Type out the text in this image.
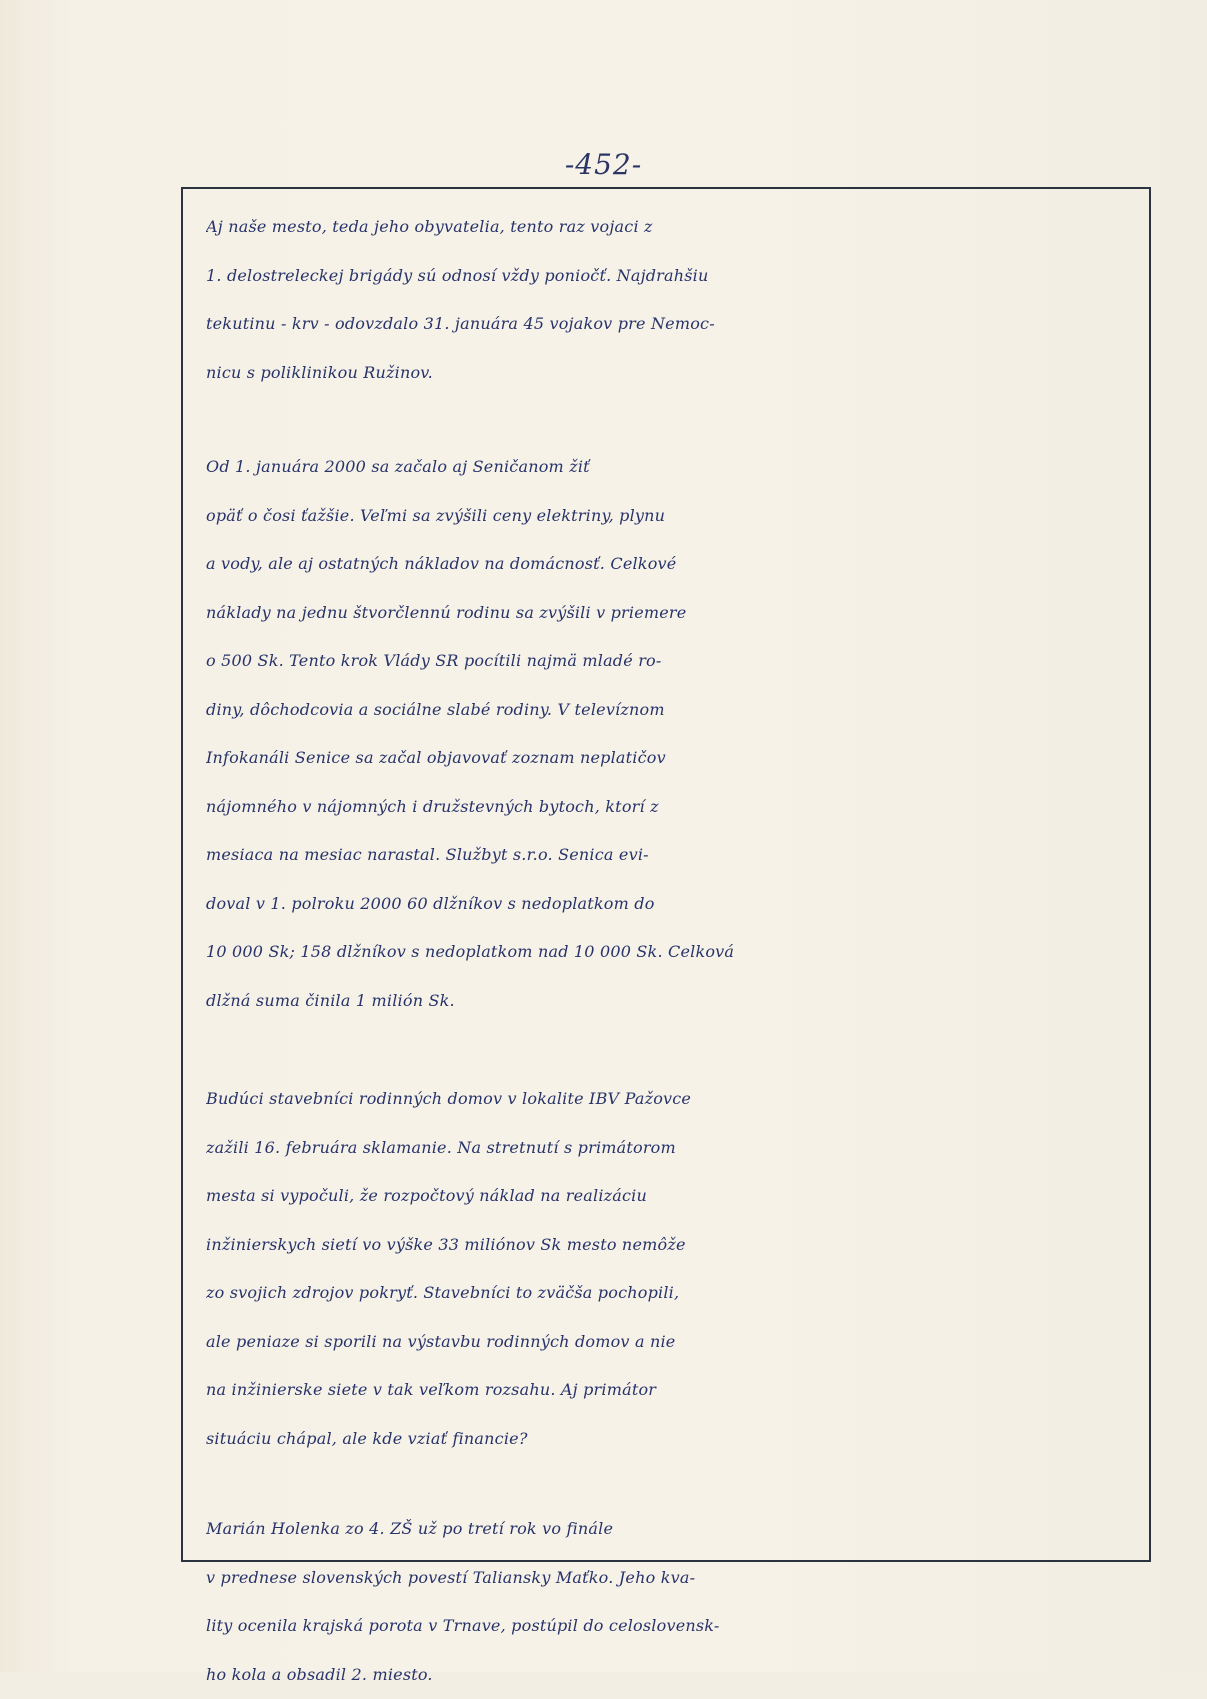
-452-
Aj naše mesto, teda jeho obyvatelia, tento raz vojaci z
1. delostreleckej brigády sú odnosí vždy poniočť. Najdrahšiu
tekutinu - krv - odovzdalo 31. januára 45 vojakov pre Nemoc-
nicu s poliklinikou Ružinov.
Od 1. januára 2000 sa začalo aj Seničanom žiť
opäť o čosi ťažšie. Veľmi sa zvýšili ceny elektriny, plynu
a vody, ale aj ostatných nákladov na domácnosť. Celkové
náklady na jednu štvorčlennú rodinu sa zvýšili v priemere
o 500 Sk. Tento krok Vlády SR pocítili najmä mladé ro-
diny, dôchodcovia a sociálne slabé rodiny. V televíznom
Infokanáli Senice sa začal objavovať zoznam neplatičov
nájomného v nájomných i družstevných bytoch, ktorí z
mesiaca na mesiac narastal. Službyt s.r.o. Senica evi-
doval v 1. polroku 2000 60 dlžníkov s nedoplatkom do
10 000 Sk; 158 dlžníkov s nedoplatkom nad 10 000 Sk. Celková
dlžná suma činila 1 milión Sk.
Budúci stavebníci rodinných domov v lokalite IBV Pažovce
zažili 16. februára sklamanie. Na stretnutí s primátorom
mesta si vypočuli, že rozpočtový náklad na realizáciu
inžinierskych sietí vo výške 33 miliónov Sk mesto nemôže
zo svojich zdrojov pokryť. Stavebníci to zväčša pochopili,
ale peniaze si sporili na výstavbu rodinných domov a nie
na inžinierske siete v tak veľkom rozsahu. Aj primátor
situáciu chápal, ale kde vziať financie?
Marián Holenka zo 4. ZŠ už po tretí rok vo finále
v prednese slovenských povestí Taliansky Maťko. Jeho kva-
lity ocenila krajská porota v Trnave, postúpil do celoslovensk-
ho kola a obsadil 2. miesto.
